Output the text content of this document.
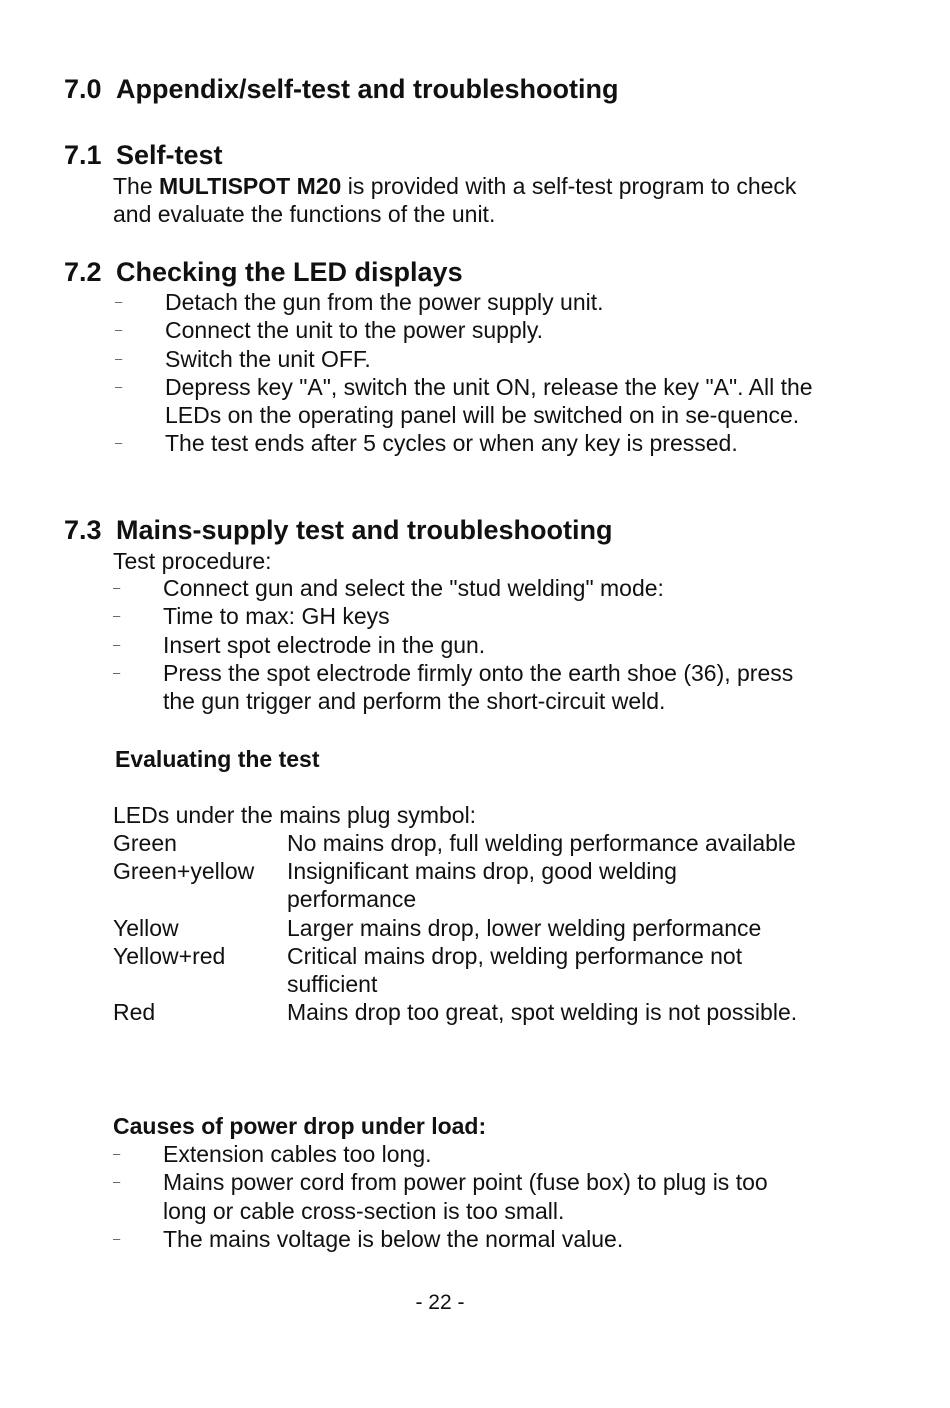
7.0 Appendix/self-test and troubleshooting
7.1 Self-test

The MULTISPOT M20 is provided with a self-test program to check and evaluate the functions of the unit.

7.2 Checking the LED displays
– Detach the gun from the power supply unit.
– Connect the unit to the power supply.
– Switch the unit OFF.
– Depress key "A", switch the unit ON, release the key "A". All the LEDs on the operating panel will be switched on in se-quence.
– The test ends after 5 cycles or when any key is pressed.
7.3 Mains-supply test and troubleshooting

Test procedure:

– Connect gun and select the "stud welding" mode:
– Time to max: GH keys
– Insert spot electrode in the gun.
– Press the spot electrode firmly onto the earth shoe (36), press the gun trigger and perform the short-circuit weld.

Evaluating the test

LEDs under the mains plug symbol:

Green	No mains drop, full welding performance available
Green+yellow	Insignificant mains drop, good welding performance
Yellow	Larger mains drop, lower welding performance
Yellow+red	Critical mains drop, welding performance not sufficient
Red	Mains drop too great, spot welding is not possible.

Causes of power drop under load:

– Extension cables too long.
– Mains power cord from power point (fuse box) to plug is too long or cable cross-section is too small.
– The mains voltage is below the normal value.
- 22 -
